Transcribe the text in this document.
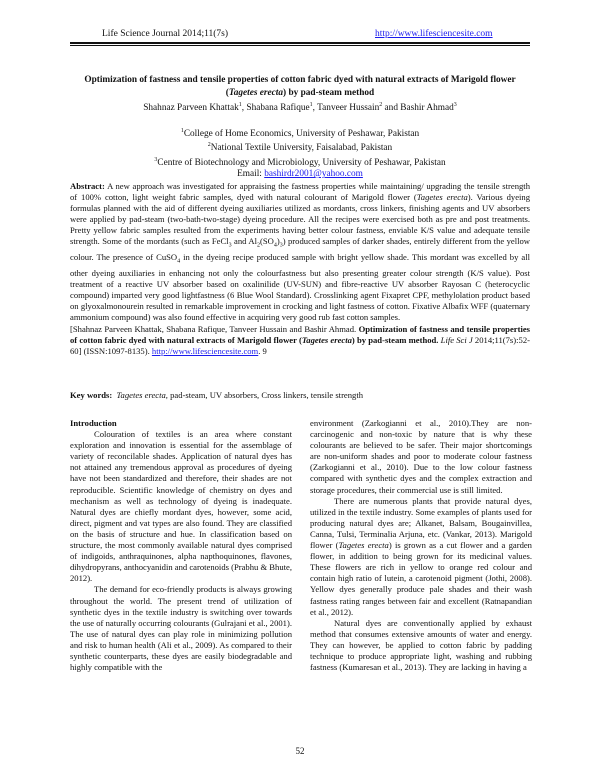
Life Science Journal 2014;11(7s)	http://www.lifesciencesite.com
Optimization of fastness and tensile properties of cotton fabric dyed with natural extracts of Marigold flower
(Tagetes erecta) by pad-steam method
Shahnaz Parveen Khattak$^1$, Shabana Rafique$^1$, Tanveer Hussain$^2$ and Bashir Ahmad$^3$
$^1$College of Home Economics, University of Peshawar, Pakistan
$^2$National Textile University, Faisalabad, Pakistan
$^3$Centre of Biotechnology and Microbiology, University of Peshawar, Pakistan
Email: bashirdr2001@yahoo.com
Abstract: A new approach was investigated for appraising the fastness properties while maintaining/ upgrading the tensile strength of 100% cotton, light weight fabric samples, dyed with natural colourant of Marigold flower (Tagetes erecta). Various dyeing formulas planned with the aid of different dyeing auxiliaries utilized as mordants, cross linkers, finishing agents and UV absorbers were applied by pad-steam (two-bath-two-stage) dyeing procedure. All the recipes were exercised both as pre and post treatments. Pretty yellow fabric samples resulted from the experiments having better colour fastness, enviable K/S value and adequate tensile strength. Some of the mordants (such as FeCl$_3$ and $Al_2(SO_4)_3$) produced samples of darker shades, entirely different from the yellow colour. The presence of CuSO$_4$ in the dyeing recipe produced sample with bright yellow shade. This mordant was excelled by all other dyeing auxiliaries in enhancing not only the colourfastness but also presenting greater colour strength (K/S value). Post treatment of a reactive UV absorber based on oxalinilide (UV-SUN) and fibre-reactive UV absorber Rayosan C (heterocyclic compound) imparted very good lightfastness (6 Blue Wool Standard). Crosslinking agent Fixapret CPF, methylolation product based on glyoxalmonourein resulted in remarkable improvement in crocking and light fastness of cotton. Fixative Albafix WFF (quaternary ammonium compound) was also found effective in acquiring very good rub fast cotton samples.
[Shahnaz Parveen Khattak, Shabana Rafique, Tanveer Hussain and Bashir Ahmad. Optimization of fastness and tensile properties of cotton fabric dyed with natural extracts of Marigold flower (Tagetes erecta) by pad-steam method. Life Sci J 2014;11(7s):52-60] (ISSN:1097-8135). http://www.lifesciencesite.com. 9
Key words: Tagetes erecta, pad-steam, UV absorbers, Cross linkers, tensile strength

Introduction

Colouration of textiles is an area where constant exploration and innovation is essential for the assemblage of variety of reconcilable shades. Application of natural dyes has not attained any tremendous approval as procedures of dyeing have not been standardized and therefore, their shades are not reproducible. Scientific knowledge of chemistry on dyes and mechanism as well as technology of dyeing is inadequate. Natural dyes are chiefly mordant dyes, however, some acid, direct, pigment and vat types are also found. They are classified on the basis of structure and hue. In classification based on structure, the most commonly available natural dyes comprised of indigoids, anthraquinones, alpha napthoquinones, flavones, dihydropyrans, anthocyanidin and carotenoids (Prabhu & Bhute, 2012).

The demand for eco-friendly products is always growing throughout the world. The present trend of utilization of synthetic dyes in the textile industry is switching over towards the use of naturally occurring colourants (Gulrajani et al., 2001). The use of natural dyes can play role in minimizing pollution and risk to human health (Ali et al., 2009). As compared to their synthetic counterparts, these dyes are easily biodegradable and highly compatible with the

environment (Zarkogianni et al., 2010).They are non-carcinogenic and non-toxic by nature that is why these colourants are believed to be safer. Their major shortcomings are non-uniform shades and poor to moderate colour fastness (Zarkogianni et al., 2010). Due to the low colour fastness compared with synthetic dyes and the complex extraction and storage procedures, their commercial use is still limited.

There are numerous plants that provide natural dyes, utilized in the textile industry. Some examples of plants used for producing natural dyes are; Alkanet, Balsam, Bougainvillea, Canna, Tulsi, Terminalia Arjuna, etc. (Vankar, 2013). Marigold flower (Tagetes erecta) is grown as a cut flower and a garden flower, in addition to being grown for its medicinal values. These flowers are rich in yellow to orange red colour and contain high ratio of lutein, a carotenoid pigment (Jothi, 2008). Yellow dyes generally produce pale shades and their wash fastness rating ranges between fair and excellent (Ratnapandian et al., 2012).

Natural dyes are conventionally applied by exhaust method that consumes extensive amounts of water and energy. They can however, be applied to cotton fabric by padding technique to produce appropriate light, washing and rubbing fastness (Kumaresan et al., 2013). They are lacking in having a

52
